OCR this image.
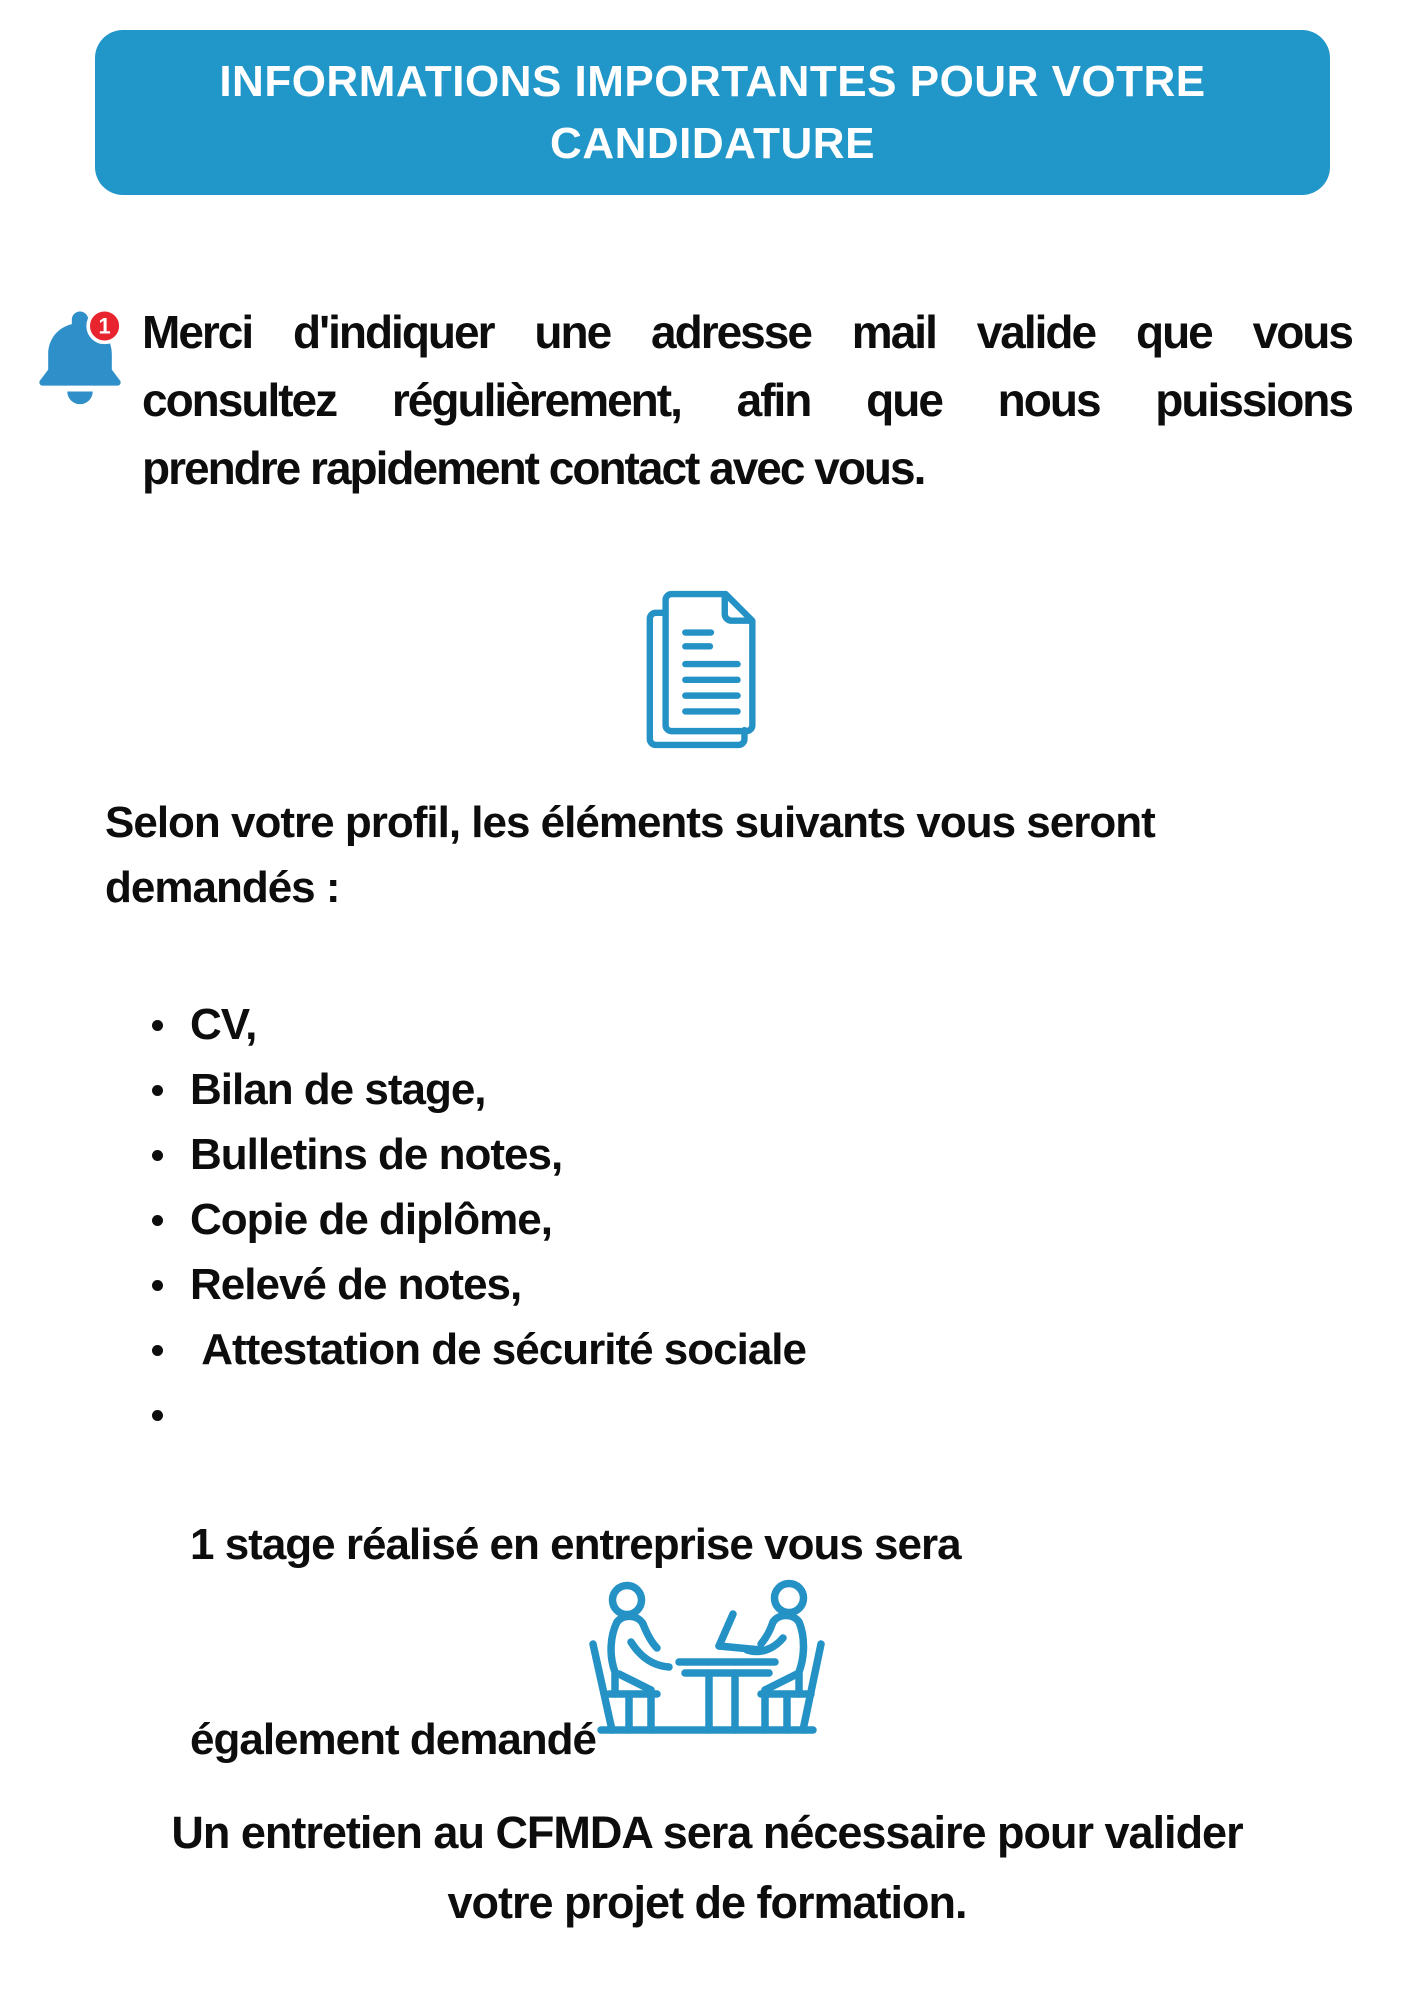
INFORMATIONS IMPORTANTES POUR VOTRE
CANDIDATURE
1 Merci d'indiquer une adresse mail valide que vous
consultez régulièrement, afin que nous puissions
prendre rapidement contact avec vous.
Selon votre profil, les éléments suivants vous seront
demandés :
CV,
Bilan de stage,
Bulletins de notes,
Copie de diplôme,
Relevé de notes,
Attestation de sécurité sociale

1 stage réalisé en entreprise vous sera

également demandé

Un entretien au CFMDA sera nécessaire pour valider
votre projet de formation.
